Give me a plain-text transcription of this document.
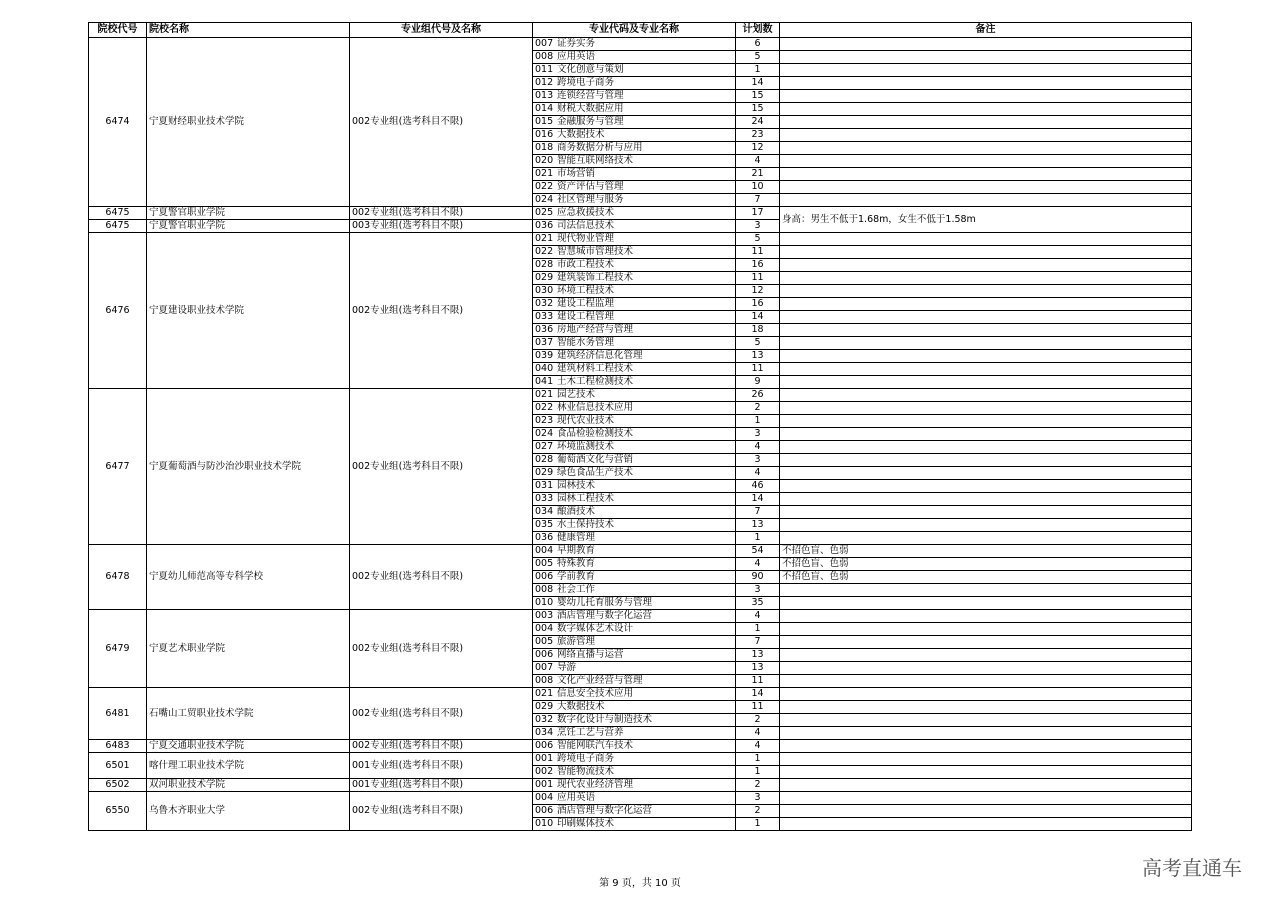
院校代号	院校名称	专业组代号及名称	专业代码及专业名称	计划数	备注
6474	宁夏财经职业技术学院	002专业组(选考科目不限)	007 证券实务	6	
			008 应用英语	5	
			011 文化创意与策划	1	
			012 跨境电子商务	14	
			013 连锁经营与管理	15	
			014 财税大数据应用	15	
			015 金融服务与管理	24	
			016 大数据技术	23	
			018 商务数据分析与应用	12	
			020 智能互联网络技术	4	
			021 市场营销	21	
			022 资产评估与管理	10	
			024 社区管理与服务	7	
6475	宁夏警官职业学院	002专业组(选考科目不限)	025 应急救援技术	17	身高：男生不低于1.68m，女生不低于1.58m
6475	宁夏警官职业学院	003专业组(选考科目不限)	036 司法信息技术	3	
6476	宁夏建设职业技术学院	002专业组(选考科目不限)	021 现代物业管理	5	
			022 智慧城市管理技术	11	
			028 市政工程技术	16	
			029 建筑装饰工程技术	11	
			030 环境工程技术	12	
			032 建设工程监理	16	
			033 建设工程管理	14	
			036 房地产经营与管理	18	
			037 智能水务管理	5	
			039 建筑经济信息化管理	13	
			040 建筑材料工程技术	11	
			041 土木工程检测技术	9	
6477	宁夏葡萄酒与防沙治沙职业技术学院	002专业组(选考科目不限)	021 园艺技术	26	
			022 林业信息技术应用	2	
			023 现代农业技术	1	
			024 食品检验检测技术	3	
			027 环境监测技术	4	
			028 葡萄酒文化与营销	3	
			029 绿色食品生产技术	4	
			031 园林技术	46	
			033 园林工程技术	14	
			034 酿酒技术	7	
			035 水土保持技术	13	
			036 健康管理	1	
6478	宁夏幼儿师范高等专科学校	002专业组(选考科目不限)	004 早期教育	54	不招色盲、色弱
			005 特殊教育	4	不招色盲、色弱
			006 学前教育	90	不招色盲、色弱
			008 社会工作	3	
			010 婴幼儿托育服务与管理	35	
6479	宁夏艺术职业学院	002专业组(选考科目不限)	003 酒店管理与数字化运营	4	
			004 数字媒体艺术设计	1	
			005 旅游管理	7	
			006 网络直播与运营	13	
			007 导游	13	
			008 文化产业经营与管理	11	
6481	石嘴山工贸职业技术学院	002专业组(选考科目不限)	021 信息安全技术应用	14	
			029 大数据技术	11	
			032 数字化设计与制造技术	2	
			034 烹饪工艺与营养	4	
6483	宁夏交通职业技术学院	002专业组(选考科目不限)	006 智能网联汽车技术	4	
6501	喀什理工职业技术学院	001专业组(选考科目不限)	001 跨境电子商务	1	
			002 智能物流技术	1	
6502	双河职业技术学院	001专业组(选考科目不限)	001 现代农业经济管理	2	
6550	乌鲁木齐职业大学	002专业组(选考科目不限)	004 应用英语	3	
			006 酒店管理与数字化运营	2	
			010 印刷媒体技术	1	
第 9 页，共 10 页
高考直通车
